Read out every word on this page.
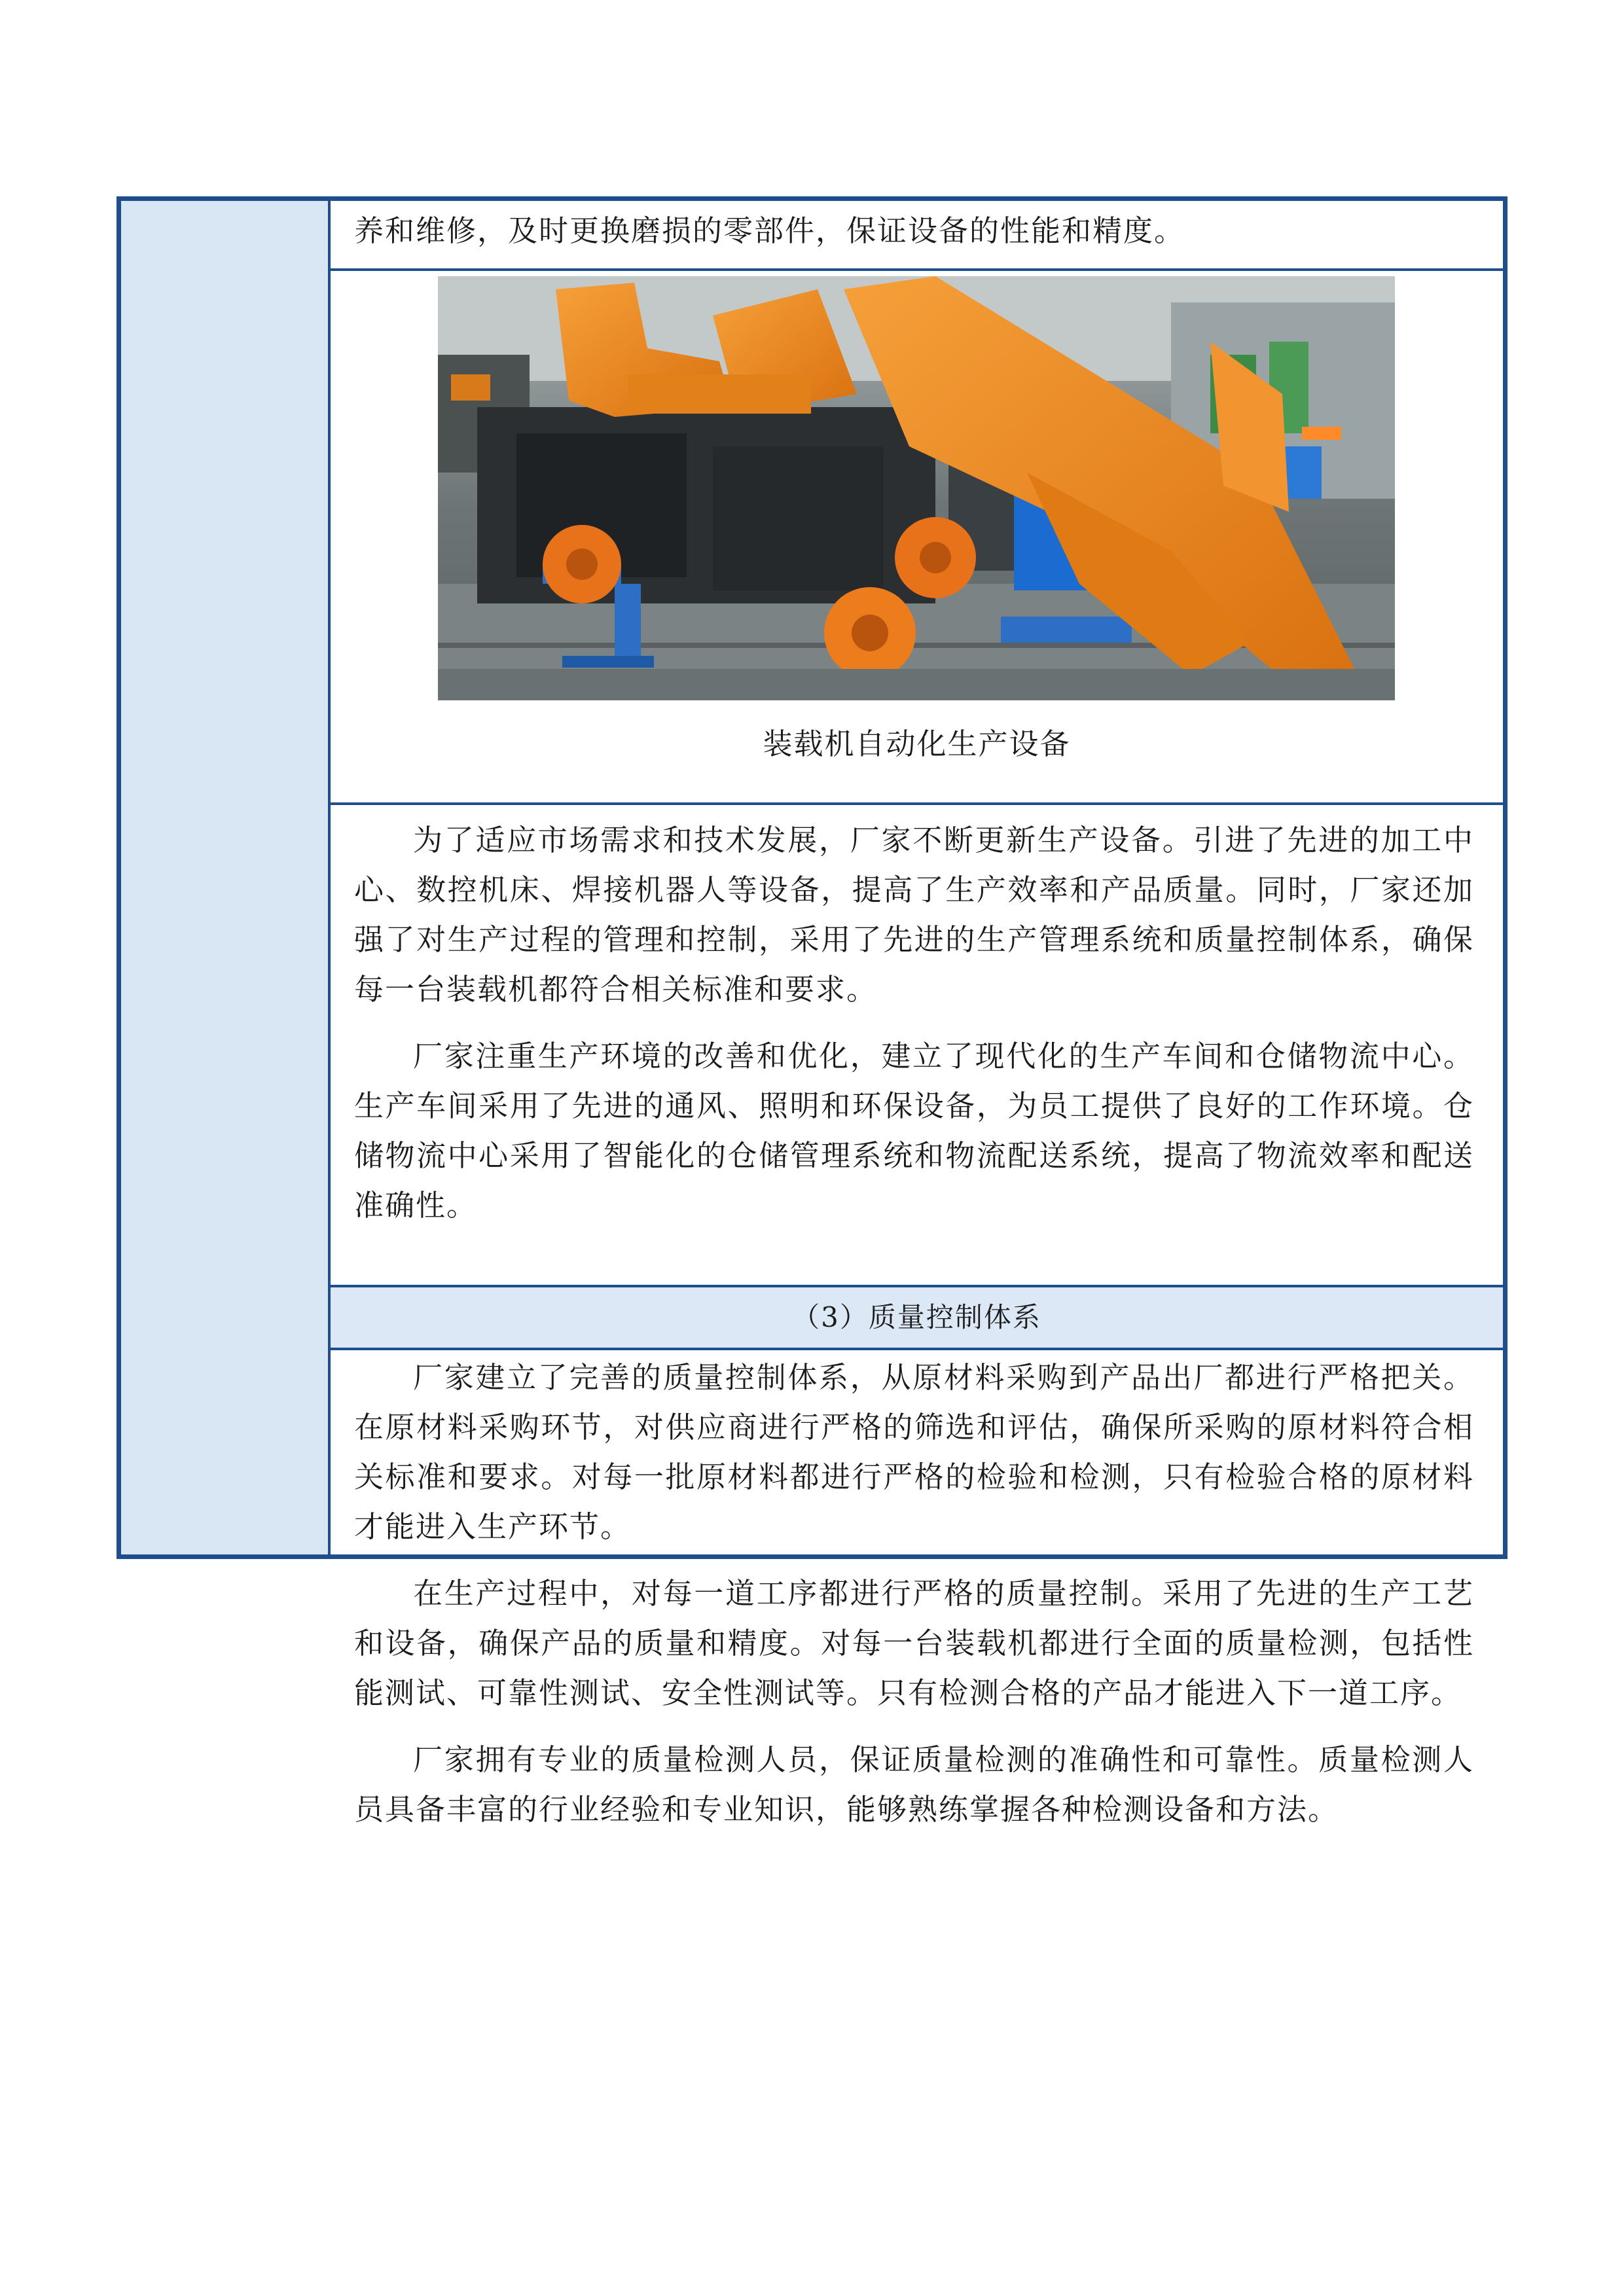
养和维修，及时更换磨损的零部件，保证设备的性能和精度。

装载机自动化生产设备

为了适应市场需求和技术发展，厂家不断更新生产设备。引进了先进的加工中心、数控机床、焊接机器人等设备，提高了生产效率和产品质量。同时，厂家还加强了对生产过程的管理和控制，采用了先进的生产管理系统和质量控制体系，确保每一台装载机都符合相关标准和要求。

厂家注重生产环境的改善和优化，建立了现代化的生产车间和仓储物流中心。生产车间采用了先进的通风、照明和环保设备，为员工提供了良好的工作环境。仓储物流中心采用了智能化的仓储管理系统和物流配送系统，提高了物流效率和配送准确性。

（3）质量控制体系

厂家建立了完善的质量控制体系，从原材料采购到产品出厂都进行严格把关。在原材料采购环节，对供应商进行严格的筛选和评估，确保所采购的原材料符合相关标准和要求。对每一批原材料都进行严格的检验和检测，只有检验合格的原材料才能进入生产环节。

在生产过程中，对每一道工序都进行严格的质量控制。采用了先进的生产工艺和设备，确保产品的质量和精度。对每一台装载机都进行全面的质量检测，包括性能测试、可靠性测试、安全性测试等。只有检测合格的产品才能进入下一道工序。

厂家拥有专业的质量检测人员，保证质量检测的准确性和可靠性。质量检测人员具备丰富的行业经验和专业知识，能够熟练掌握各种检测设备和方法。
